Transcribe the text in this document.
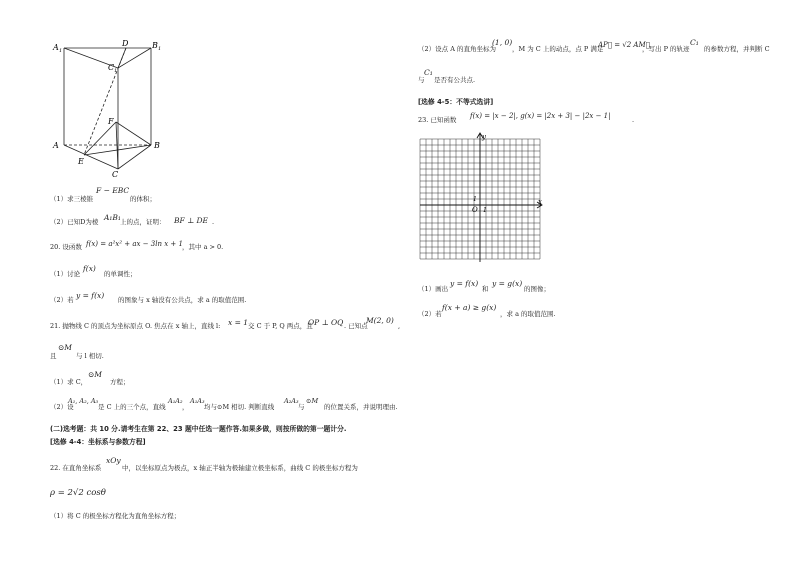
A 1
D	B 1
C 1
F
A	B
E
C
（1）求三棱锥
F − EBC
的体积；
（2）已知D为棱 A₁B₁ 上的点，证明： BF ⊥ DE .
20. 设函数 f(x) = a²x² + ax − 3ln x + 1 ，其中 a > 0.
（1）讨论
f(x)
的单调性；
（2）若 y = f(x) 的图象与 x 轴没有公共点，求 a 的取值范围.
21. 抛物线 C 的顶点为坐标原点 O. 焦点在 x 轴上，直线 l: x = 1 交 C 于 P, Q 两点，且
OP ⊥ OQ . 已知点
M(2, 0)
,
且
⊙M
与 l 相切.
（1）求 C，
⊙M
方程；
（2）设
A₁, A₂, A₃
是 C 上的三个点，直线
A₁A₂
，
A₁A₃
均与⊙M 相切. 判断直线
A₂A₃
与
⊙M
的位置关系，并说明理由.
(二)选考题：共 10 分.请考生在第 22、23 题中任选一题作答.如果多做，则按所做的第一题计分.
[选修 4-4：坐标系与参数方程]
22. 在直角坐标系
xOy
中，以坐标原点为极点，x 轴正半轴为极轴建立极坐标系，曲线 C 的极坐标方程为
ρ = 2√2 cosθ
（1）将 C 的极坐标方程化为直角坐标方程；
（2）设点 A 的直角坐标为
(1, 0)
，M 为 C 上的动点，点 P 满足
AP⃗ = √2 AM⃗
，写出 P 的轨迹
C₁
的参数方程，并判断 C
与
C₁
是否有公共点.
[选修 4-5：不等式选讲]
23. 已知函数 f(x) = |x − 2|, g(x) = |2x + 3| − |2x − 1|	.
y
x
O
1
1
（1）画出
y = f(x)
和
y = g(x)
的图像；
（2）若
f(x + a) ≥ g(x)
，求 a 的取值范围.
